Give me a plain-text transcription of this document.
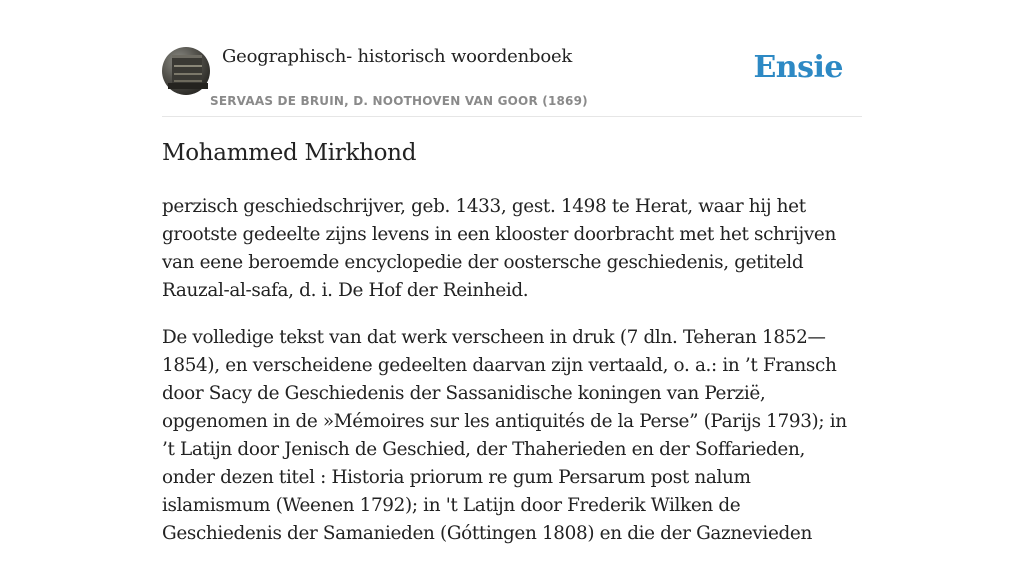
Geographisch- historisch woordenboek
SERVAAS DE BRUIN, D. NOOTHOVEN VAN GOOR (1869)
Ensie
Mohammed Mirkhond

perzisch geschiedschrijver, geb. 1433, gest. 1498 te Herat, waar hij het grootste gedeelte zijns levens in een klooster doorbracht met het schrijven van eene beroemde encyclopedie der oostersche geschiedenis, getiteld Rauzal-al-safa, d. i. De Hof der Reinheid.

De volledige tekst van dat werk verscheen in druk (7 dln. Teheran 1852—1854), en verscheidene gedeelten daarvan zijn vertaald, o. a.: in ’t Fransch door Sacy de Geschiedenis der Sassanidische koningen van Perzië, opgenomen in de »Mémoires sur les antiquités de la Perse” (Parijs 1793); in ’t Latijn door Jenisch de Geschied, der Thaherieden en der Soffarieden, onder dezen titel : Historia priorum re gum Persarum post nalum islamismum (Weenen 1792); in 't Latijn door Frederik Wilken de Geschiedenis der Samanieden (Góttingen 1808) en die der Gaznevieden
